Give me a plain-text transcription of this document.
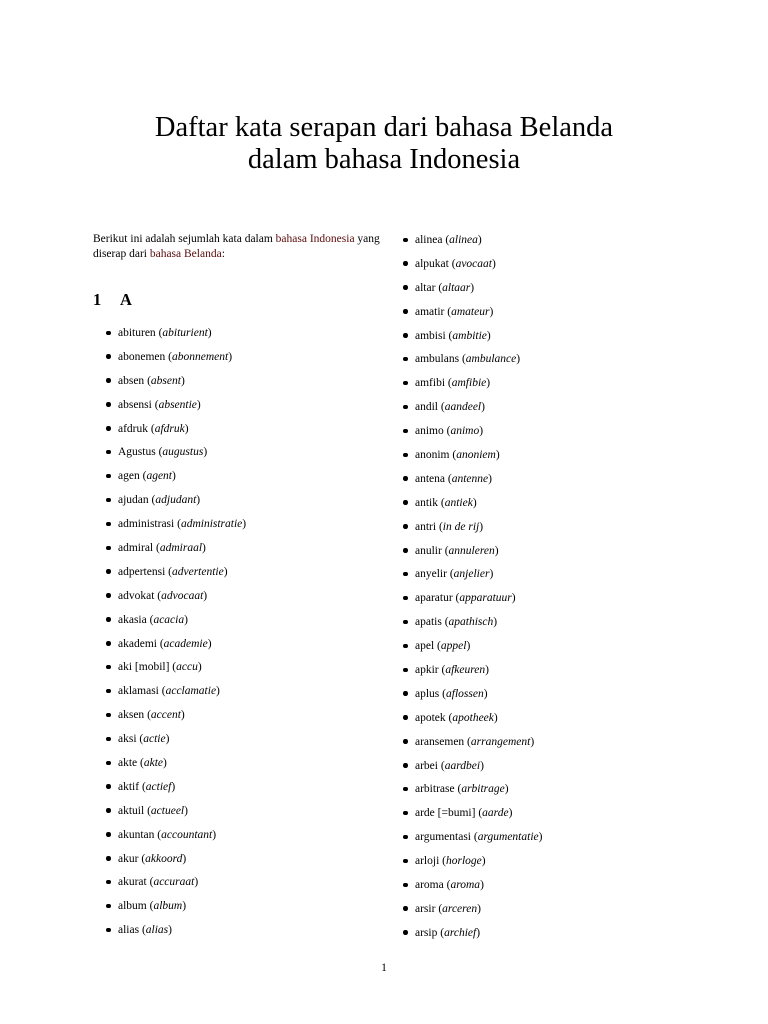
Daftar kata serapan dari bahasa Belanda
dalam bahasa Indonesia

Berikut ini adalah sejumlah kata dalam bahasa Indonesia yang diserap dari bahasa Belanda:

1 A
abituren (abiturient)
abonemen (abonnement)
absen (absent)
absensi (absentie)
afdruk (afdruk)
Agustus (augustus)
agen (agent)
ajudan (adjudant)
administrasi (administratie)
admiral (admiraal)
adpertensi (advertentie)
advokat (advocaat)
akasia (acacia)
akademi (academie)
aki [mobil] (accu)
aklamasi (acclamatie)
aksen (accent)
aksi (actie)
akte (akte)
aktif (actief)
aktuil (actueel)
akuntan (accountant)
akur (akkoord)
akurat (accuraat)
album (album)
alias (alias)
alinea (alinea)
alpukat (avocaat)
altar (altaar)
amatir (amateur)
ambisi (ambitie)
ambulans (ambulance)
amfibi (amfibie)
andil (aandeel)
animo (animo)
anonim (anoniem)
antena (antenne)
antik (antiek)
antri (in de rij)
anulir (annuleren)
anyelir (anjelier)
aparatur (apparatuur)
apatis (apathisch)
apel (appel)
apkir (afkeuren)
aplus (aflossen)
apotek (apotheek)
aransemen (arrangement)
arbei (aardbei)
arbitrase (arbitrage)
arde [=bumi] (aarde)
argumentasi (argumentatie)
arloji (horloge)
aroma (aroma)
arsir (arceren)
arsip (archief)
1
